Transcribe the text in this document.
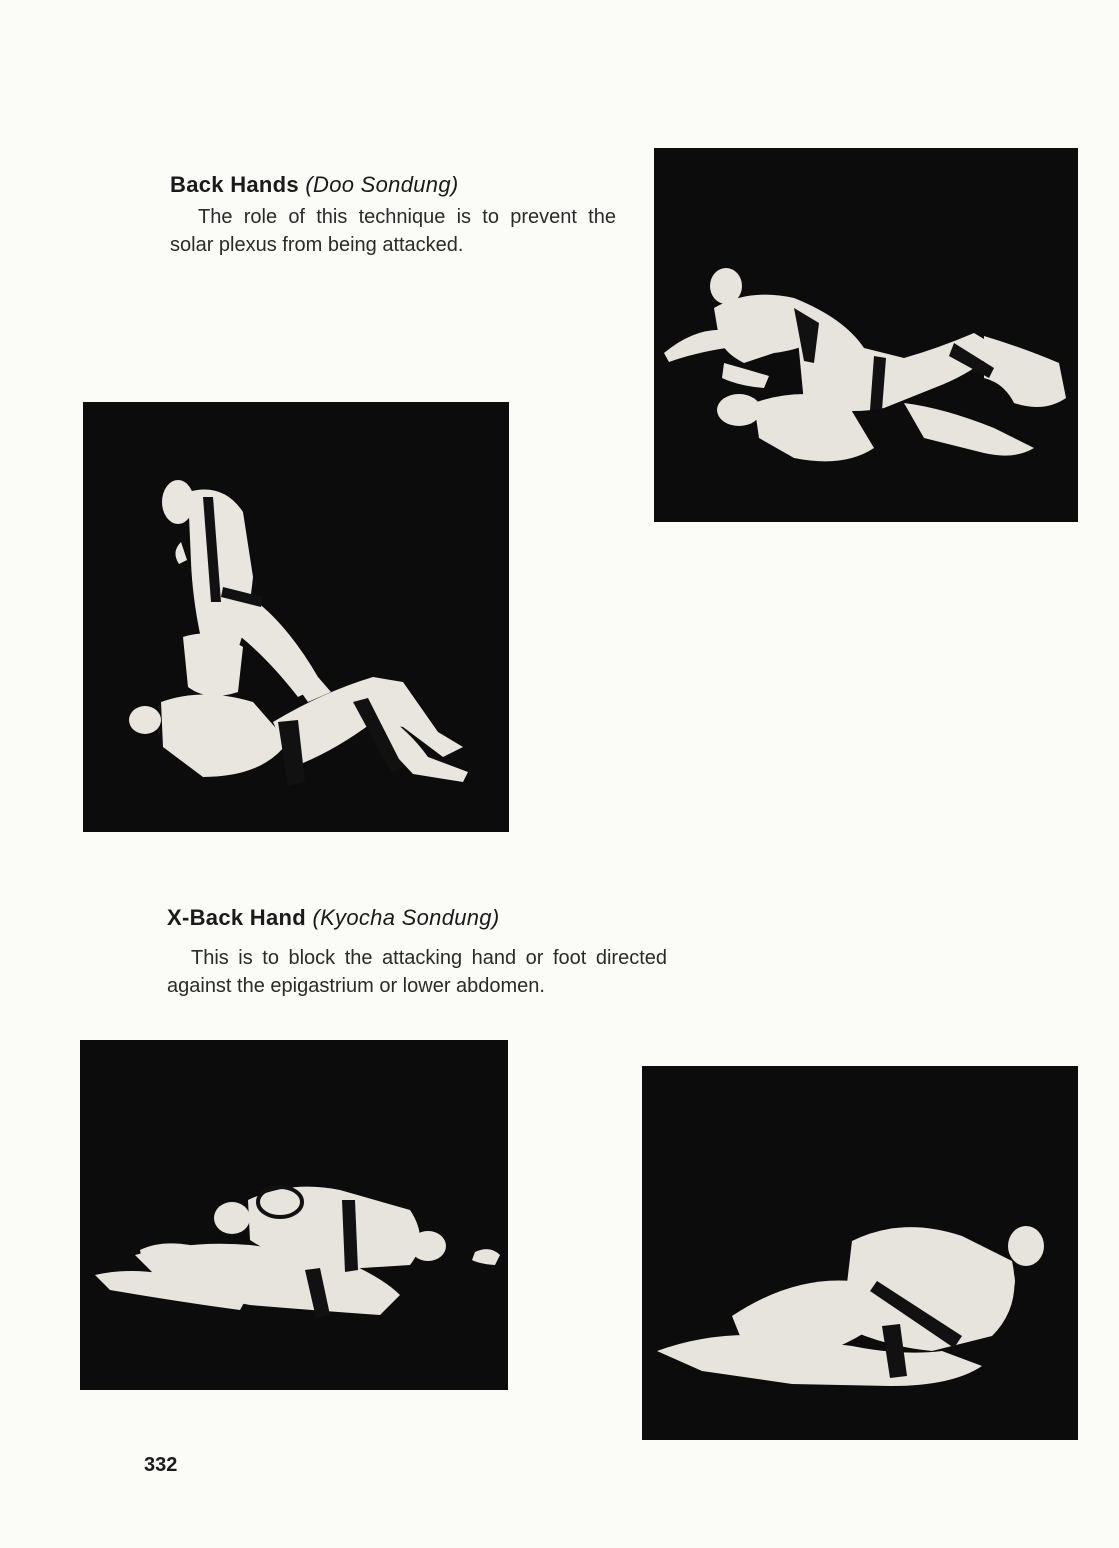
Back Hands (Doo Sondung)

The role of this technique is to prevent the solar plexus from being attacked.

X-Back Hand (Kyocha Sondung)

This is to block the attacking hand or foot directed against the epigastrium or lower abdomen.

332
